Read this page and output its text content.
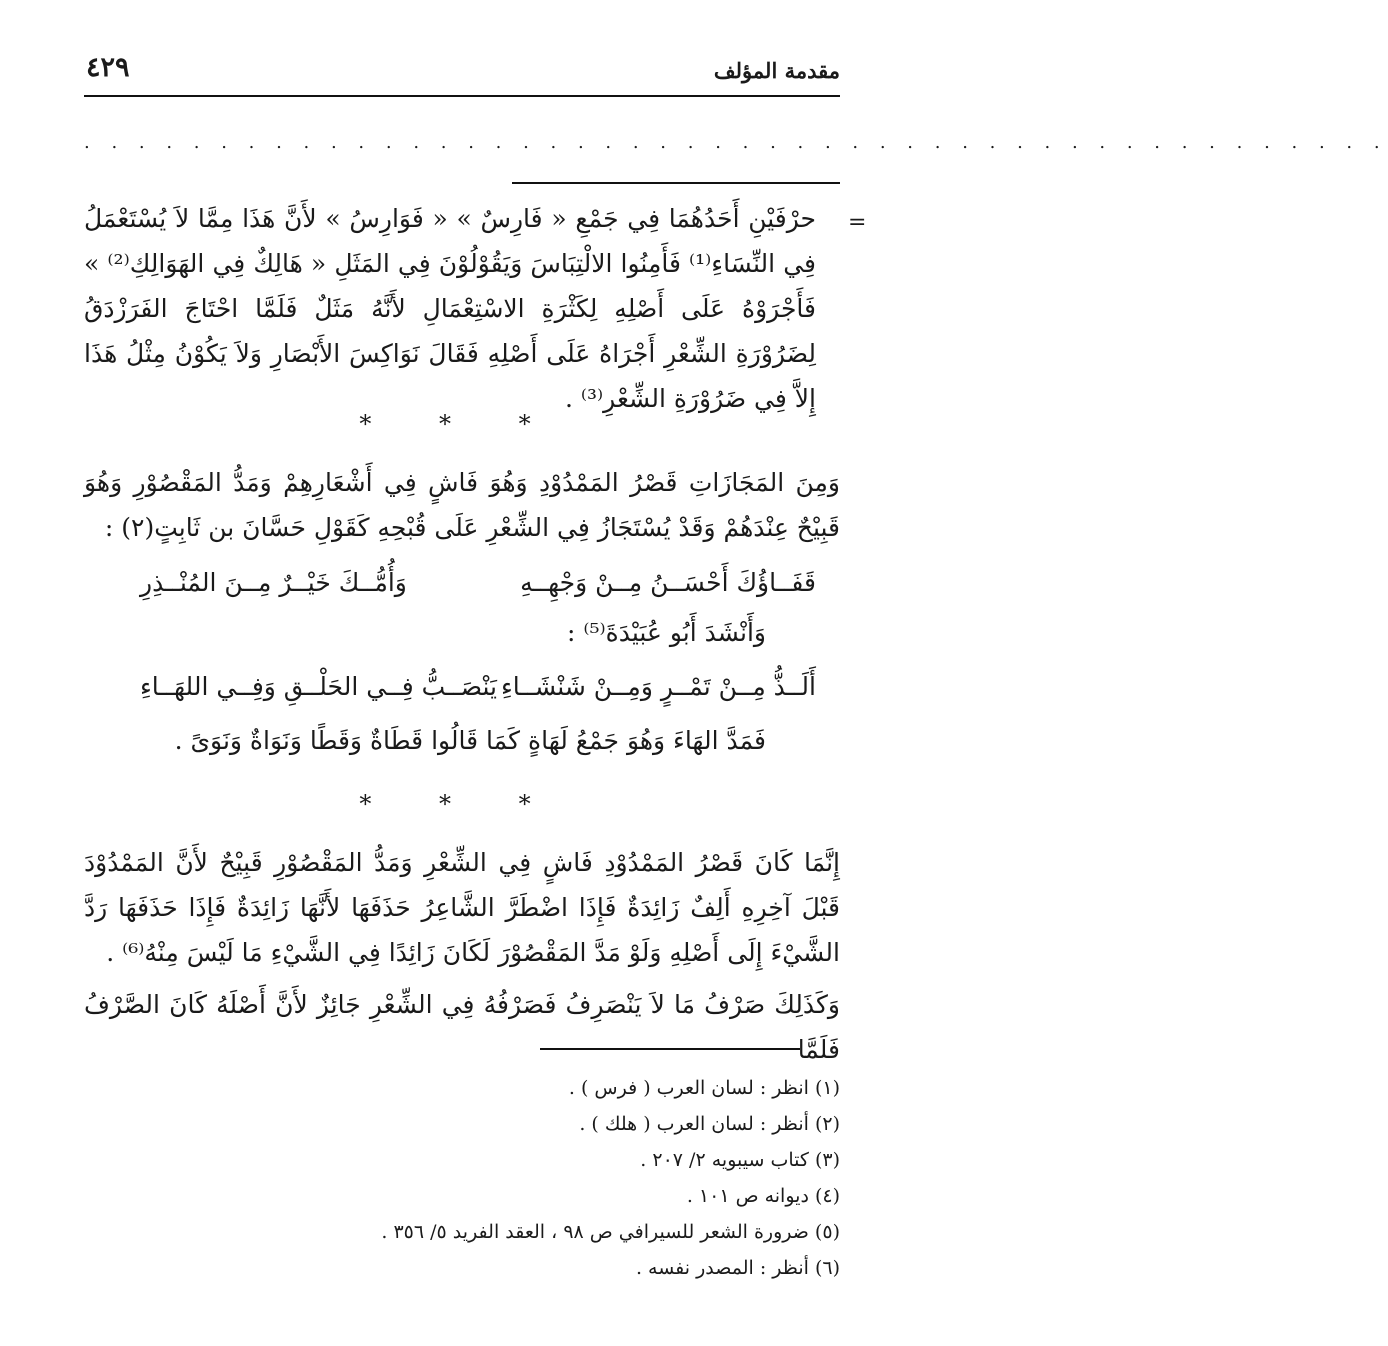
مقدمة المؤلف
٤٢٩
. . . . . . . . . . . . . . . . . . . . . . . . . . . . . . . . . . . . . . . . . . . . . . . .
=
حرْفَيْنِ أَحَدُهُمَا فِي جَمْعِ « فَارِسٌ » « فَوَارِسُ » لأَنَّ هَذَا مِمَّا لاَ يُسْتَعْمَلُ فِي النِّسَاءِ⁽¹⁾ فَأَمِنُوا الالْتِبَاسَ وَيَقُوْلُوْنَ فِي المَثَلِ « هَالِكٌ فِي الهَوَالِكِ⁽²⁾ » فَأَجْرَوْهُ عَلَى أَصْلِهِ لِكَثْرَةِ الاسْتِعْمَالِ لأَنَّهُ مَثَلٌ فَلَمَّا احْتَاجَ الفَرَزْدَقُ لِضَرُوْرَةِ الشِّعْرِ أَجْرَاهُ عَلَى أَصْلِهِ فَقَالَ نَوَاكِسَ الأَبْصَارِ وَلاَ يَكُوْنُ مِثْلُ هَذَا إِلاَّ فِي ضَرُوْرَةِ الشِّعْرِ⁽³⁾ .
* * *
وَمِنَ المَجَازَاتِ قَصْرُ المَمْدُوْدِ وَهُوَ فَاشٍ فِي أَشْعَارِهِمْ وَمَدُّ المَقْصُوْرِ وَهُوَ قَبِيْحٌ عِنْدَهُمْ وَقَدْ يُسْتَجَازُ فِي الشِّعْرِ عَلَى قُبْحِهِ كَقَوْلِ حَسَّانَ بن ثَابِتٍ(٢) :
قَفَــاؤُكَ أَحْسَــنُ مِــنْ وَجْهِــهِ
وَأُمُّــكَ خَيْــرٌ مِــنَ المُنْــذِرِ
وَأَنْشَدَ أَبُو عُبَيْدَةَ⁽⁵⁾ :
أَلَــذُّ مِــنْ تَمْــرٍ وَمِــنْ شَنْشَــاءِ
يَنْصَــبُّ فِــي الحَلْــقِ وَفِــي اللهَــاءِ
فَمَدَّ الهَاءَ وَهُوَ جَمْعُ لَهَاةٍ كَمَا قَالُوا قَطَاةٌ وَقَطًا وَنَوَاةٌ وَنَوَىً .
* * *
إِنَّمَا كَانَ قَصْرُ المَمْدُوْدِ فَاشٍ فِي الشِّعْرِ وَمَدُّ المَقْصُوْرِ قَبِيْحٌ لأَنَّ المَمْدُوْدَ قَبْلَ آخِرِهِ أَلِفٌ زَائِدَةٌ فَإِذَا اضْطَرَّ الشَّاعِرُ حَذَفَهَا لأَنَّهَا زَائِدَةٌ فَإِذَا حَذَفَهَا رَدَّ الشَّيْءَ إِلَى أَصْلِهِ وَلَوْ مَدَّ المَقْصُوْرَ لَكَانَ زَائِدًا فِي الشَّيْءِ مَا لَيْسَ مِنْهُ⁽⁶⁾ .
وَكَذَلِكَ صَرْفُ مَا لاَ يَنْصَرِفُ فَصَرْفُهُ فِي الشِّعْرِ جَائِزٌ لأَنَّ أَصْلَهُ كَانَ الصَّرْفُ فَلَمَّا
(١) انظر : لسان العرب ( فرس ) .
(٢) أنظر : لسان العرب ( هلك ) .
(٣) كتاب سيبويه ٢/ ٢٠٧ .
(٤) ديوانه ص ١٠١ .
(٥) ضرورة الشعر للسيرافي ص ٩٨ ، العقد الفريد ٥/ ٣٥٦ .
(٦) أنظر : المصدر نفسه .
